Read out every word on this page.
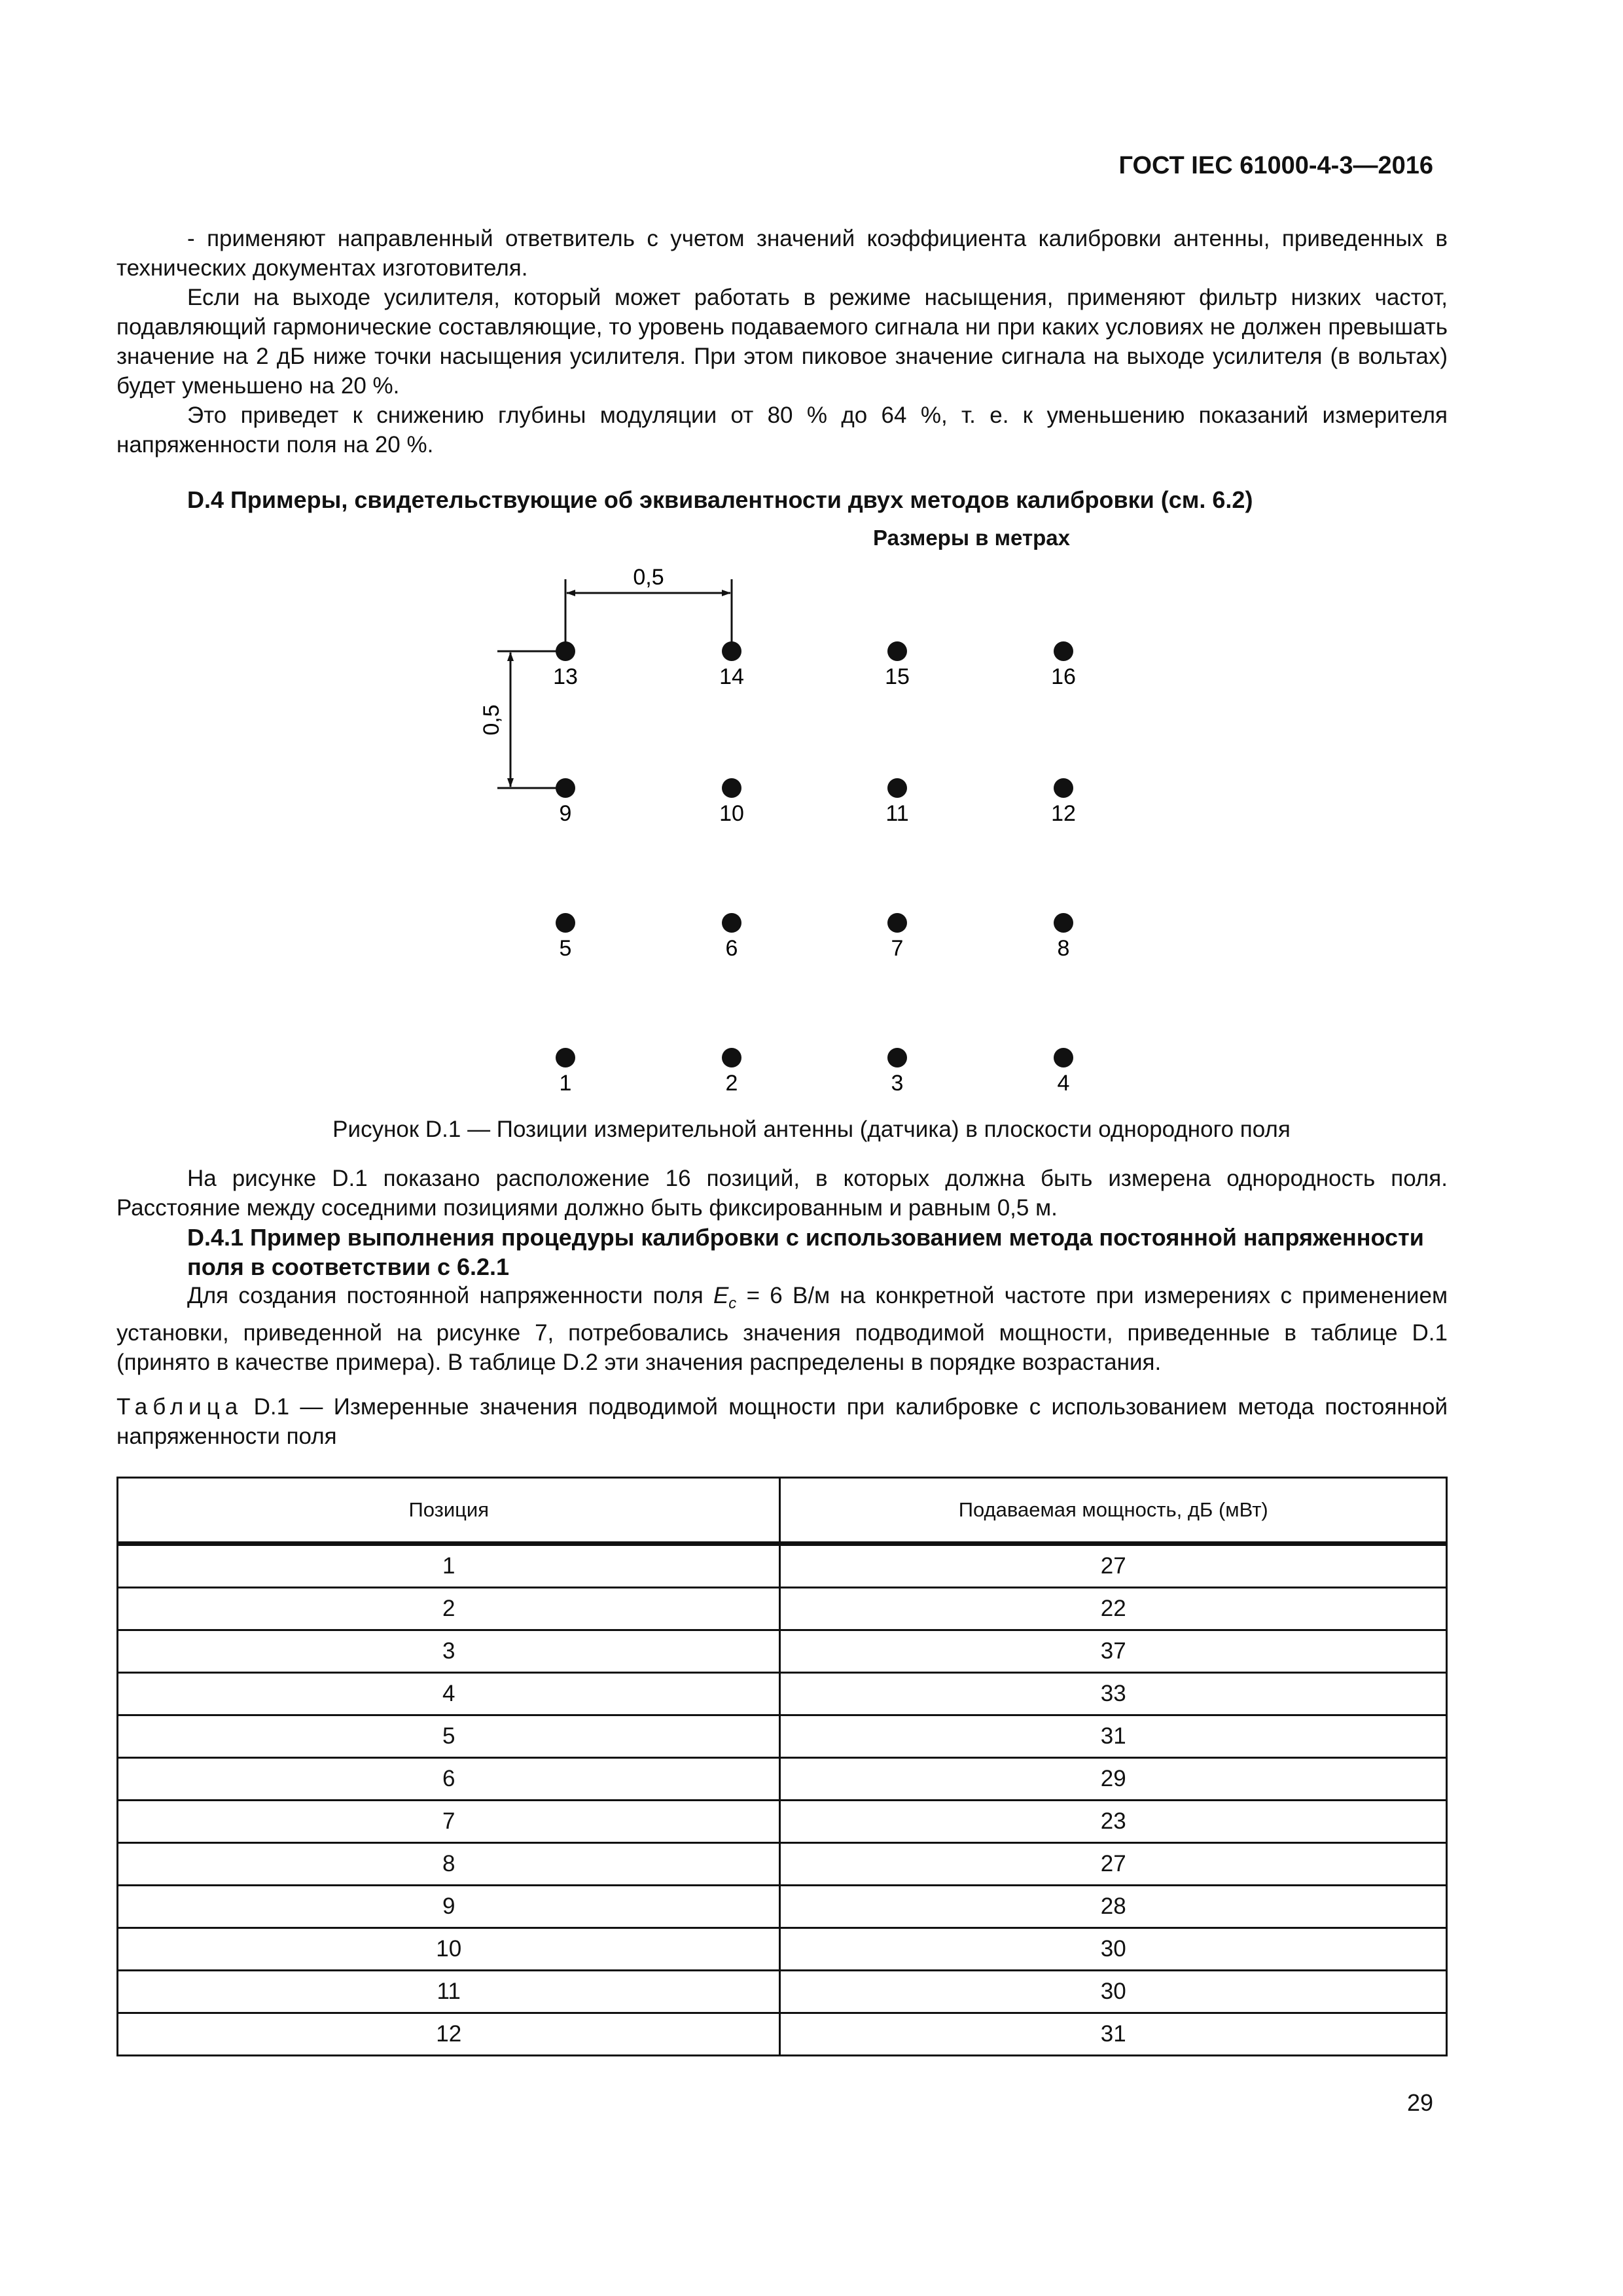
ГОСТ IEC 61000-4-3—2016

- применяют направленный ответвитель с учетом значений коэффициента калибровки антенны, приведенных в технических документах изготовителя.

Если на выходе усилителя, который может работать в режиме насыщения, применяют фильтр низких частот, подавляющий гармонические составляющие, то уровень подаваемого сигнала ни при каких условиях не должен превышать значение на 2 дБ ниже точки насыщения усилителя. При этом пиковое значение сигнала на выходе усилителя (в вольтах) будет уменьшено на 20 %.

Это приведет к снижению глубины модуляции от 80 % до 64 %, т. е. к уменьшению показаний измерителя напряженности поля на 20 %.

D.4 Примеры, свидетельствующие об эквивалентности двух методов калибровки (см. 6.2)
Размеры в метрах
0,5
0,5
13	14	15	16
9	10	11	12
5	6	7	8
1	2	3	4
Рисунок D.1 — Позиции измерительной антенны (датчика) в плоскости однородного поля

На рисунке D.1 показано расположение 16 позиций, в которых должна быть измерена однородность поля. Расстояние между соседними позициями должно быть фиксированным и равным 0,5 м.

D.4.1 Пример выполнения процедуры калибровки с использованием метода постоянной напряженности поля в соответствии с 6.2.1

Для создания постоянной напряженности поля $E_c = 6$ В/м на конкретной частоте при измерениях с применением установки, приведенной на рисунке 7, потребовались значения подводимой мощности, приведенные в таблице D.1 (принято в качестве примера). В таблице D.2 эти значения распределены в порядке возрастания.

Таблица D.1 — Измеренные значения подводимой мощности при калибровке с использованием метода постоянной напряженности поля
Позиция	Подаваемая мощность, дБ (мВт)
1	27
2	22
3	37
4	33
5	31
6	29
7	23
8	27
9	28
10	30
11	30
12	31
29
